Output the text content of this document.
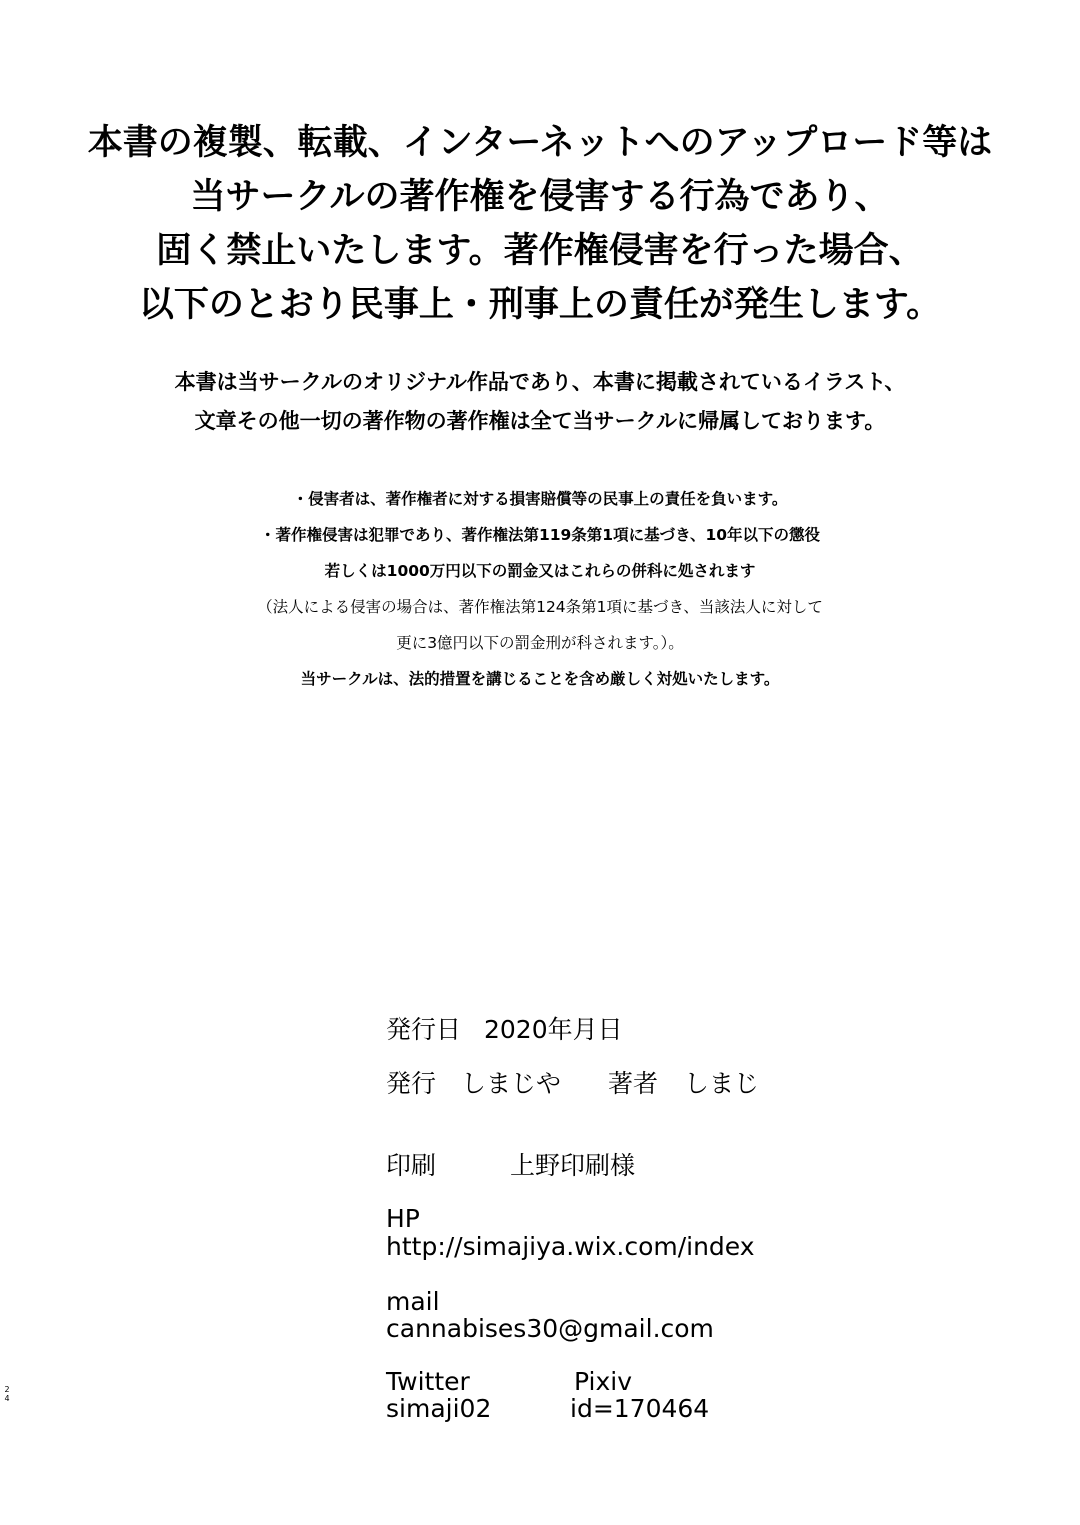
本書の複製、転載、インターネットへのアップロード等は
当サークルの著作権を侵害する行為であり、
固く禁止いたします。著作権侵害を行った場合、
以下のとおり民事上・刑事上の責任が発生します。
本書は当サークルのオリジナル作品であり、本書に掲載されているイラスト、
文章その他一切の著作物の著作権は全て当サークルに帰属しております。
・侵害者は、著作権者に対する損害賠償等の民事上の責任を負います。
・著作権侵害は犯罪であり、著作権法第119条第1項に基づき、10年以下の懲役
若しくは1000万円以下の罰金又はこれらの併科に処されます
（法人による侵害の場合は、著作権法第124条第1項に基づき、当該法人に対して
更に3億円以下の罰金刑が科されます。）。
当サークルは、法的措置を講じることを含め厳しく対処いたします。
発行日 2020年月日
発行 しまじや 著者 しまじ
印刷	上野印刷様
HP
http://simajiya.wix.com/index
mail
cannabises30@gmail.com
Twitter	Pixiv
simaji02	id=170464
2
4
